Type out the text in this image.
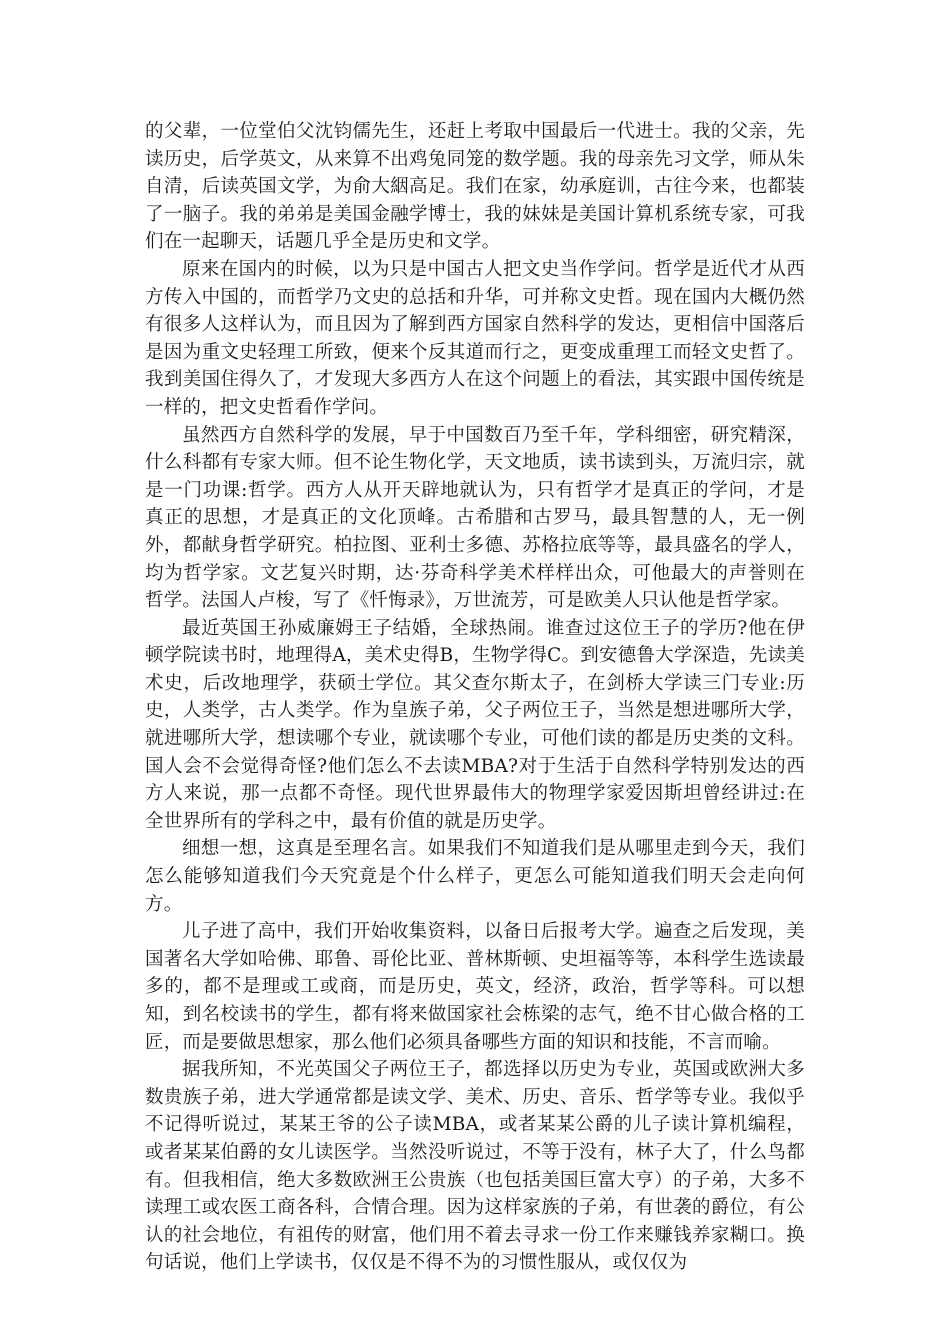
的父辈，一位堂伯父沈钧儒先生，还赶上考取中国最后一代进士。我的父亲，先读历史，后学英文，从来算不出鸡兔同笼的数学题。我的母亲先习文学，师从朱自清，后读英国文学，为俞大絪高足。我们在家，幼承庭训，古往今来，也都装了一脑子。我的弟弟是美国金融学博士，我的妹妹是美国计算机系统专家，可我们在一起聊天，话题几乎全是历史和文学。

原来在国内的时候，以为只是中国古人把文史当作学问。哲学是近代才从西方传入中国的，而哲学乃文史的总括和升华，可并称文史哲。现在国内大概仍然有很多人这样认为，而且因为了解到西方国家自然科学的发达，更相信中国落后是因为重文史轻理工所致，便来个反其道而行之，更变成重理工而轻文史哲了。我到美国住得久了，才发现大多西方人在这个问题上的看法，其实跟中国传统是一样的，把文史哲看作学问。

虽然西方自然科学的发展，早于中国数百乃至千年，学科细密，研究精深，什么科都有专家大师。但不论生物化学，天文地质，读书读到头，万流归宗，就是一门功课:哲学。西方人从开天辟地就认为，只有哲学才是真正的学问，才是真正的思想，才是真正的文化顶峰。古希腊和古罗马，最具智慧的人，无一例外，都献身哲学研究。柏拉图、亚利士多德、苏格拉底等等，最具盛名的学人，均为哲学家。文艺复兴时期，达·芬奇科学美术样样出众，可他最大的声誉则在哲学。法国人卢梭，写了《忏悔录》，万世流芳，可是欧美人只认他是哲学家。

最近英国王孙威廉姆王子结婚，全球热闹。谁查过这位王子的学历?他在伊顿学院读书时，地理得A，美术史得B，生物学得C。到安德鲁大学深造，先读美术史，后改地理学，获硕士学位。其父查尔斯太子，在剑桥大学读三门专业:历史，人类学，古人类学。作为皇族子弟，父子两位王子，当然是想进哪所大学，就进哪所大学，想读哪个专业，就读哪个专业，可他们读的都是历史类的文科。国人会不会觉得奇怪?他们怎么不去读MBA?对于生活于自然科学特别发达的西方人来说，那一点都不奇怪。现代世界最伟大的物理学家爱因斯坦曾经讲过:在全世界所有的学科之中，最有价值的就是历史学。

细想一想，这真是至理名言。如果我们不知道我们是从哪里走到今天，我们怎么能够知道我们今天究竟是个什么样子，更怎么可能知道我们明天会走向何方。

儿子进了高中，我们开始收集资料，以备日后报考大学。遍查之后发现，美国著名大学如哈佛、耶鲁、哥伦比亚、普林斯顿、史坦福等等，本科学生选读最多的，都不是理或工或商，而是历史，英文，经济，政治，哲学等科。可以想知，到名校读书的学生，都有将来做国家社会栋梁的志气，绝不甘心做合格的工匠，而是要做思想家，那么他们必须具备哪些方面的知识和技能，不言而喻。

据我所知，不光英国父子两位王子，都选择以历史为专业，英国或欧洲大多数贵族子弟，进大学通常都是读文学、美术、历史、音乐、哲学等专业。我似乎不记得听说过，某某王爷的公子读MBA，或者某某公爵的儿子读计算机编程，或者某某伯爵的女儿读医学。当然没听说过，不等于没有，林子大了，什么鸟都有。但我相信，绝大多数欧洲王公贵族（也包括美国巨富大亨）的子弟，大多不读理工或农医工商各科，合情合理。因为这样家族的子弟，有世袭的爵位，有公认的社会地位，有祖传的财富，他们用不着去寻求一份工作来赚钱养家糊口。换句话说，他们上学读书，仅仅是不得不为的习惯性服从，或仅仅为
